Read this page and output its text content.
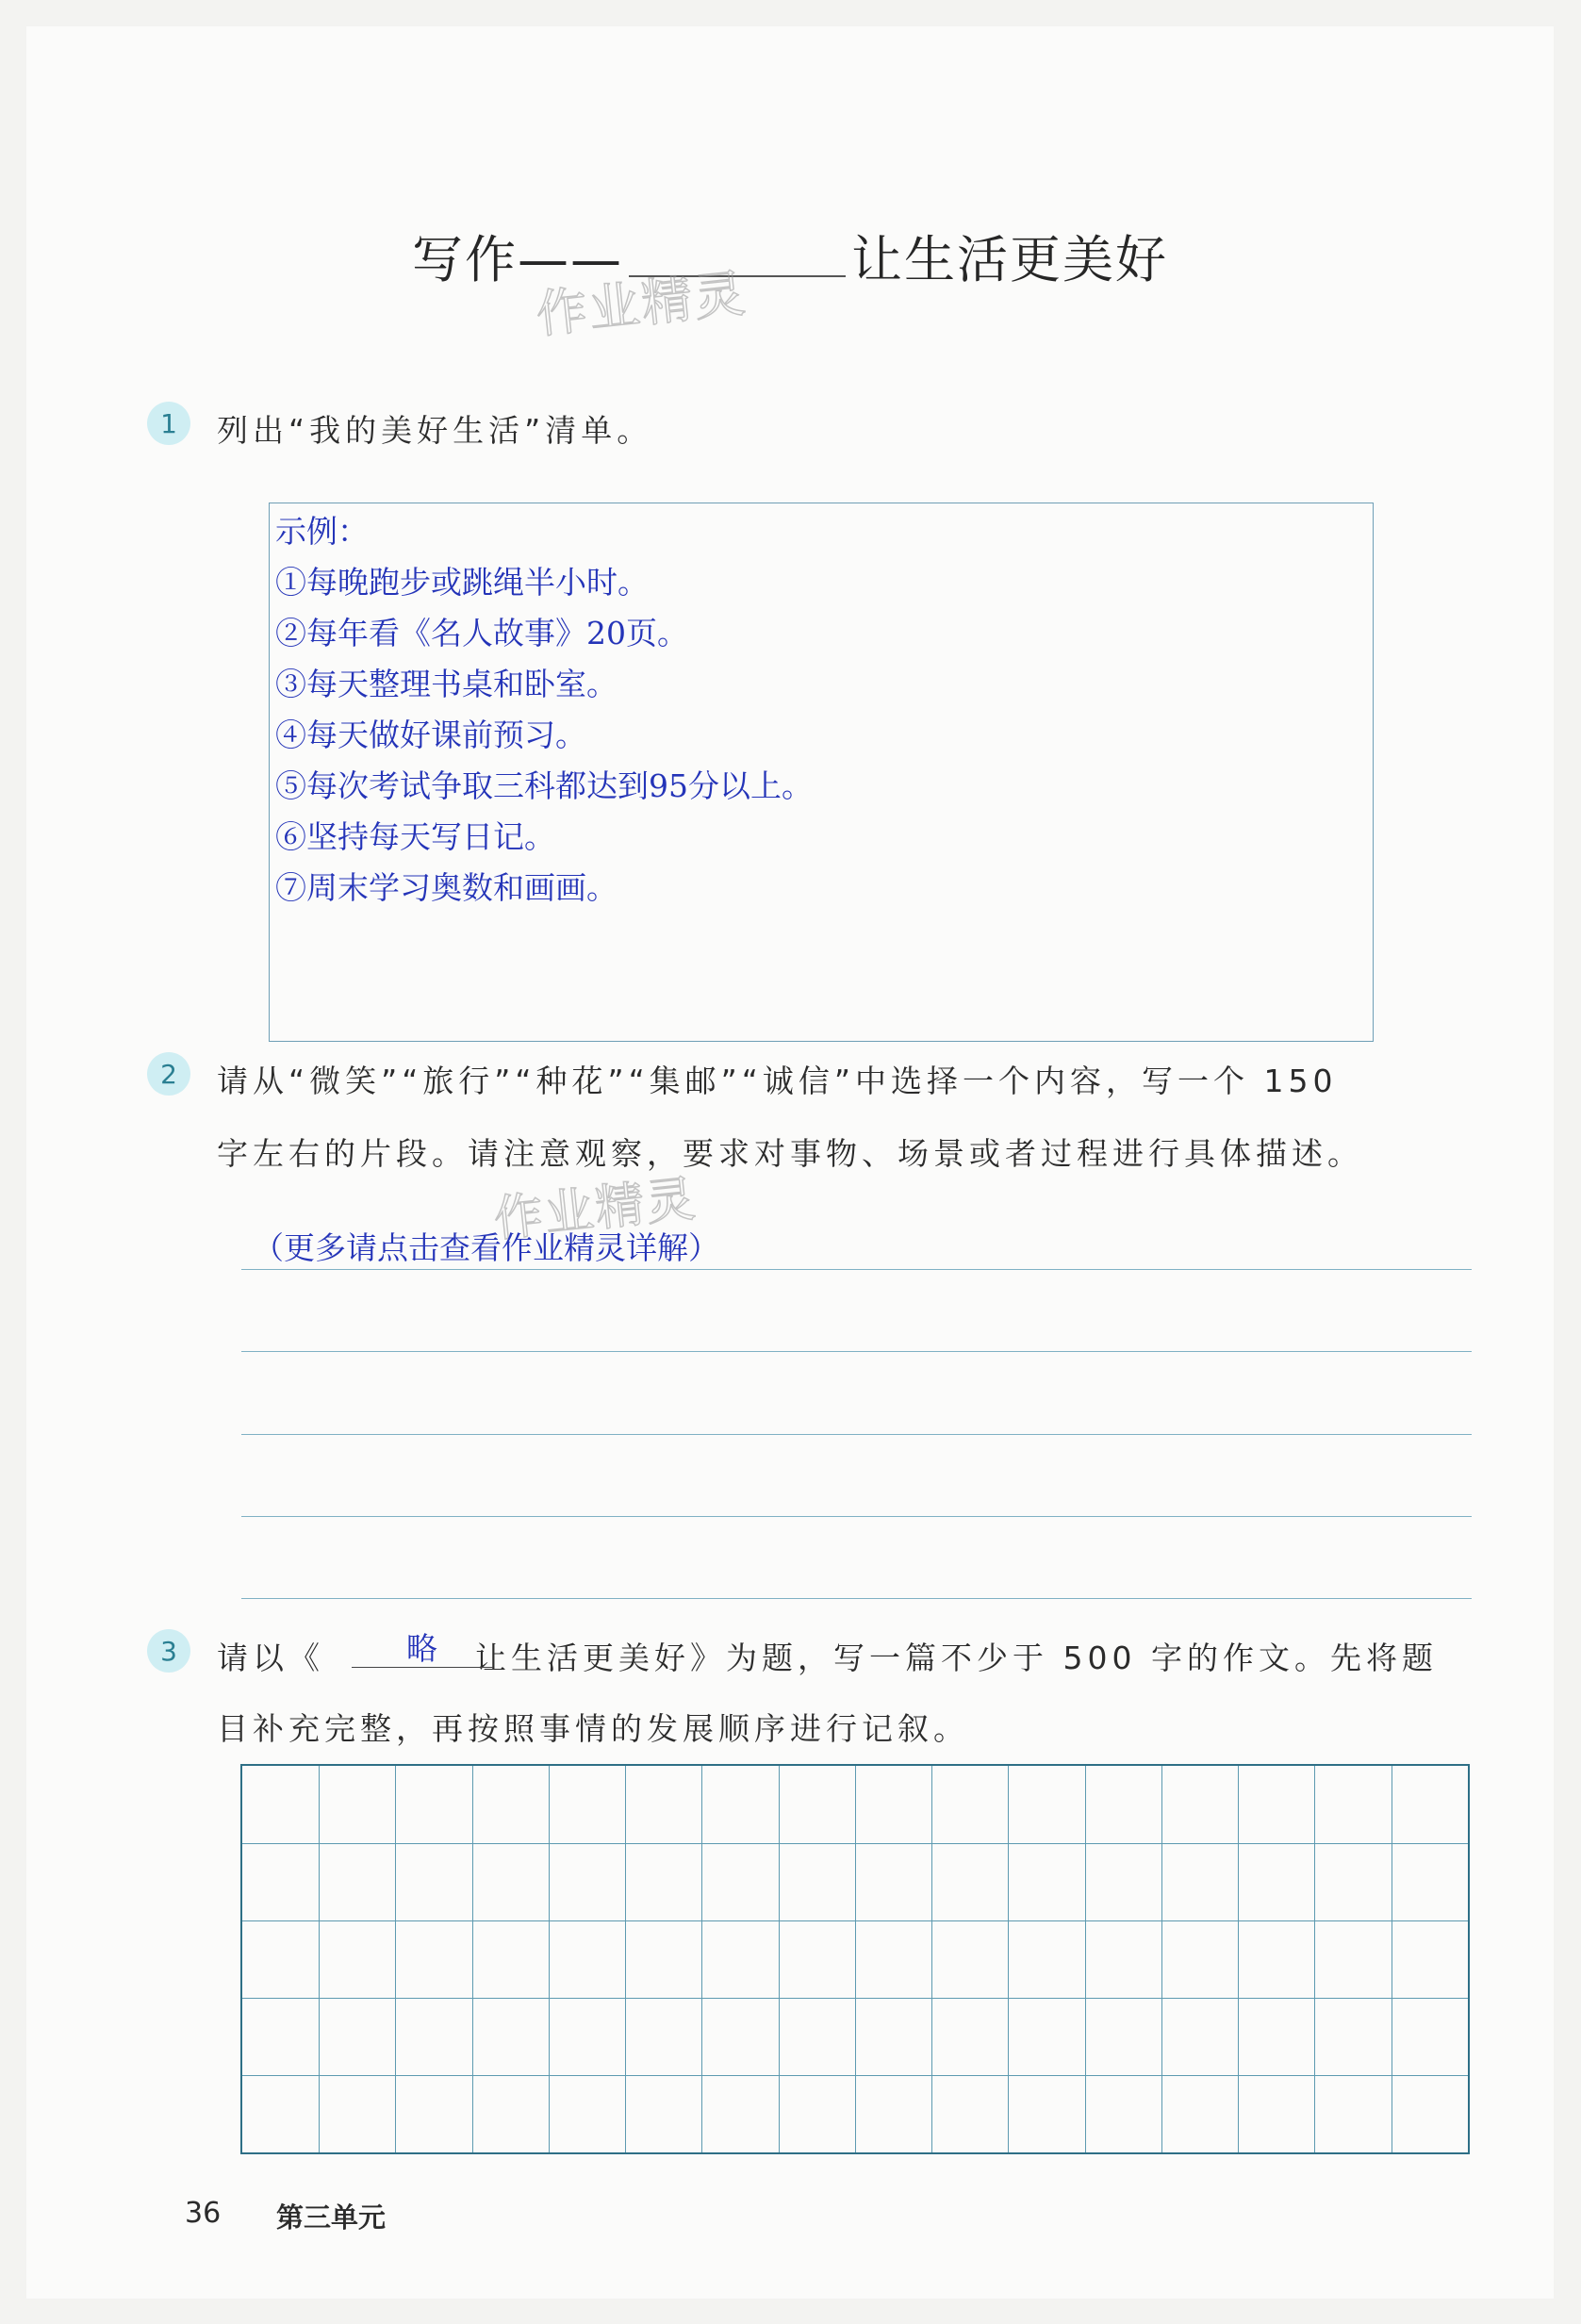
写作——	让生活更美好
作业精灵
1	列出“我的美好生活”清单。
示例：
①每晚跑步或跳绳半小时。
②每年看《名人故事》20页。
③每天整理书桌和卧室。
④每天做好课前预习。
⑤每次考试争取三科都达到95分以上。
⑥坚持每天写日记。
⑦周末学习奥数和画画。
2	请从“微笑”“旅行”“种花”“集邮”“诚信”中选择一个内容，写一个 150
字左右的片段。请注意观察，要求对事物、场景或者过程进行具体描述。
作业精灵
（更多请点击查看作业精灵详解）
3	请以《	让生活更美好》为题，写一篇不少于 500 字的作文。先将题
略
目补充完整，再按照事情的发展顺序进行记叙。
36 第三单元
